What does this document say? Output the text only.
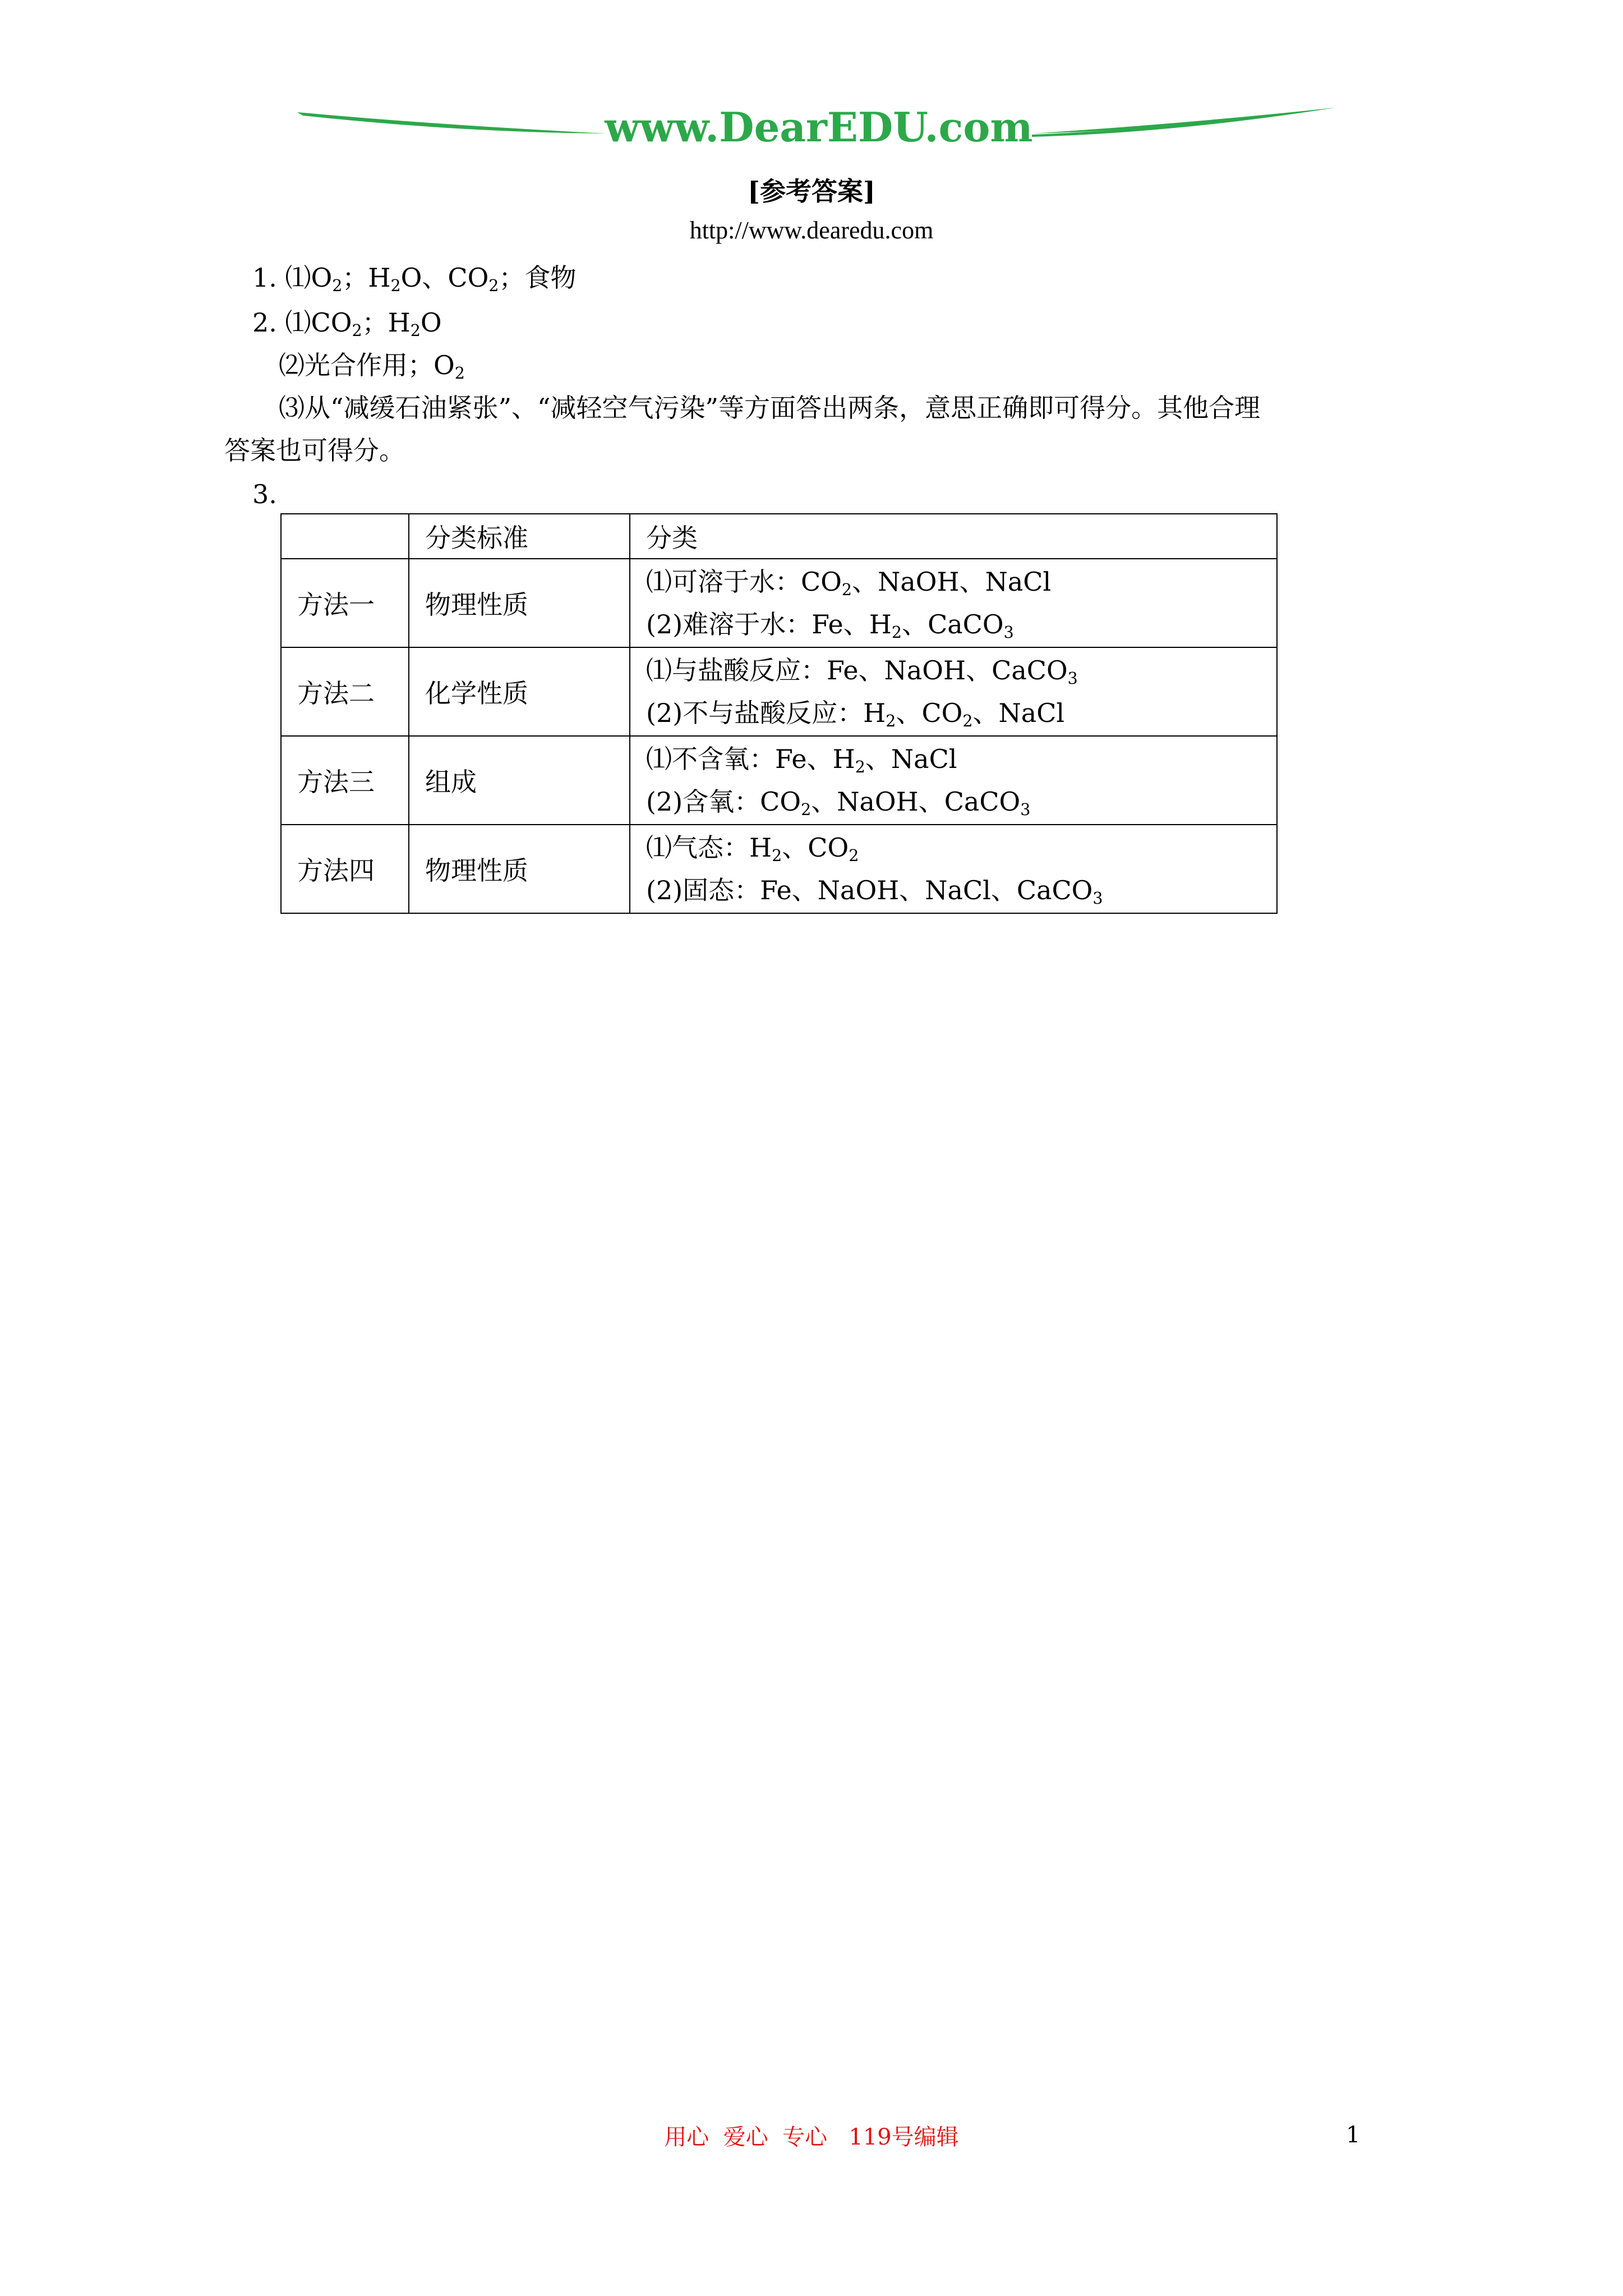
www.DearEDU.com
[参考答案]
http://www.dearedu.com
1. $⑴O_2$；$H_2O$、$CO_2$；食物
2. $⑴CO_2$；$H_2O$
⑵光合作用；$O_2$
⑶从“减缓石油紧张”、“减轻空气污染”等方面答出两条，意思正确即可得分。其他合理
答案也可得分。
3.
	分类标准	分类
方法一	物理性质	⑴可溶于水：$CO_2$、NaOH、NaCl
(2)难溶于水：Fe、$H_2$、CaCO$_3$

方法二	化学性质	⑴与盐酸反应：Fe、NaOH、CaCO$_3$
(2)不与盐酸反应：$H_2$、$CO_2$、NaCl

方法三	组成	⑴不含氧：Fe、$H_2$、NaCl
(2)含氧：$CO_2$、NaOH、CaCO$_3$

方法四	物理性质	⑴气态：$H_2$、$CO_2$
(2)固态：Fe、NaOH、NaCl、CaCO$_3$
用心  爱心  专心   119号编辑	1
